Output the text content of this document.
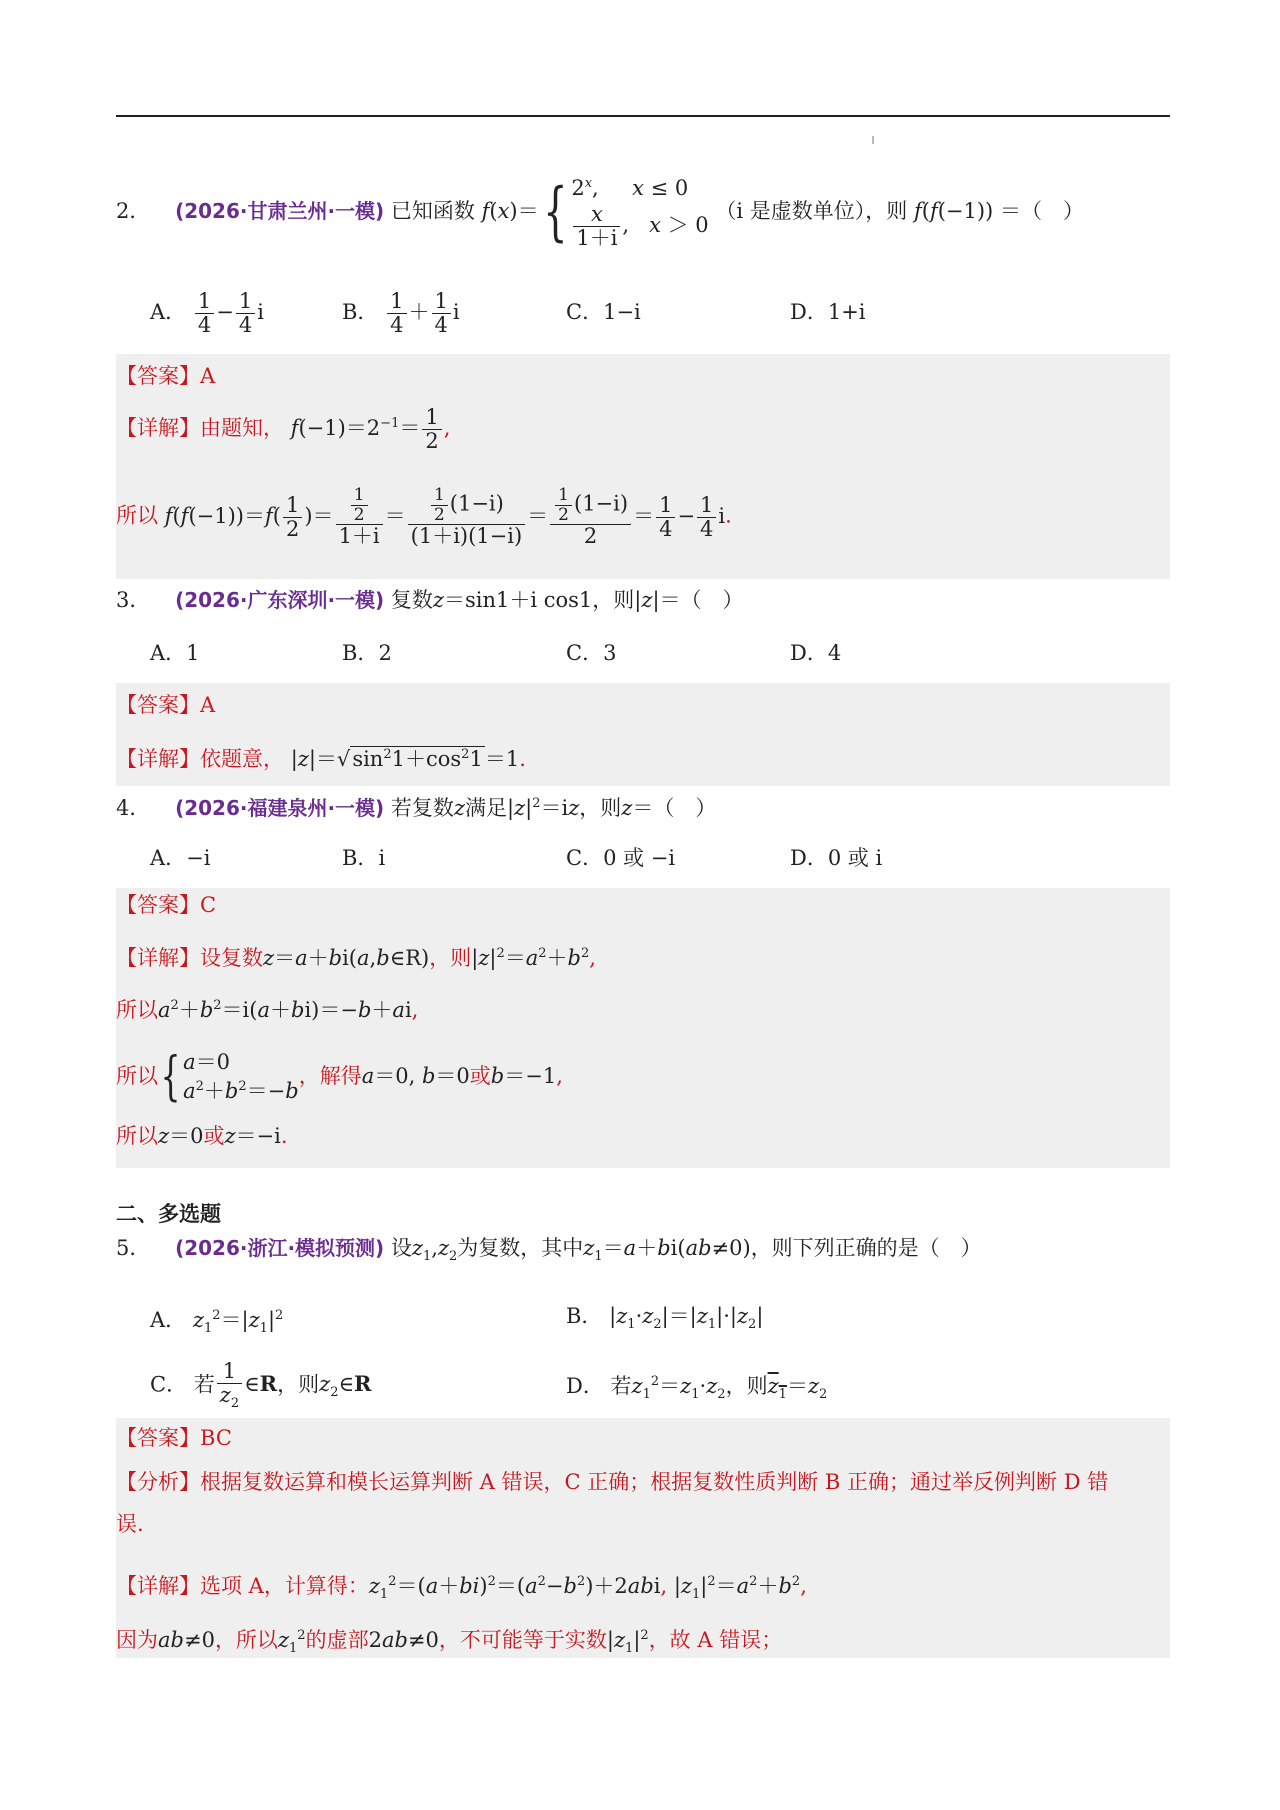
2． (2026·甘肃兰州·一模) 已知函数 f(x)＝{ 2$^x$, x ≤ 0
$\frac{x}{1+i}$ ,   x ＞ 0
（i 是虚数单位），则 f(f(−1)) ＝（　）
A． $\frac{1}{4} - \frac{1}{4}$ i	B． $\frac{1}{4} + \frac{1}{4}$ i	C．1−i	D．1+i
【答案】A
【详解】由题知， $f(-1)=2^{-1}= \frac{1}{2}$ ,
所以 $f(f(-1))=f( \frac{1}{2}$ )＝ $\frac{\frac{1}{2}}{1+i} = \frac{\frac{1}{2} (1-i)}{(1+i)(1-i)} = \frac{\frac{1}{2} (1-i)}{2} = \frac{1}{4} - \frac{1}{4} i$.
3． (2026·广东深圳·一模) 复数z＝sin1＋i cos1，则|z|＝（　）
A．1	B．2	C．3	D．4
【答案】A
【详解】依题意， $|z|=√\sin^21+\cos^21=1$.
4． (2026·福建泉州·一模) 若复数z满足$|z|^2=iz$，则z＝（　）
A．−i	B．i	C．0 或 −i	D．0 或 i
【答案】C
【详解】设复数z＝a＋bi(a,b∈R)，则$|z|^2=a^2+b^2$,
所以$a^2+b^2=i(a+bi)=-b+ai$,
所以{ a＝0
$a^2+b^2=-b$
，解得a＝0, b＝0或b＝−1,
所以z＝0或z＝−i.
二、多选题
5． (2026·浙江·模拟预测) 设$z_1,z_2$为复数，其中$z_1=a+bi(ab\ne 0)$，则下列正确的是（　）
A． $z_1^2=|z_1|^2$	B． $|z_1\cdot z_2|=|z_1|\cdot|z_2|$
C． 若 $\frac{1}{z_2}$ ∈R，则$z_2\in R$	D． 若$z_1^2=z_1\cdot z_2$，则$z_1=z_2$
【答案】BC
【分析】根据复数运算和模长运算判断 A 错误，C 正确；根据复数性质判断 B 正确；通过举反例判断 D 错
误.
【详解】选项 A，计算得：$z_1^2=(a+bi)^2=(a^2-b^2)+2abi$, $|z_1|^2=a^2+b^2$,
因为ab≠0，所以$z_1^2$的虚部2ab≠0，不可能等于实数$|z_1|^2$，故 A 错误；
